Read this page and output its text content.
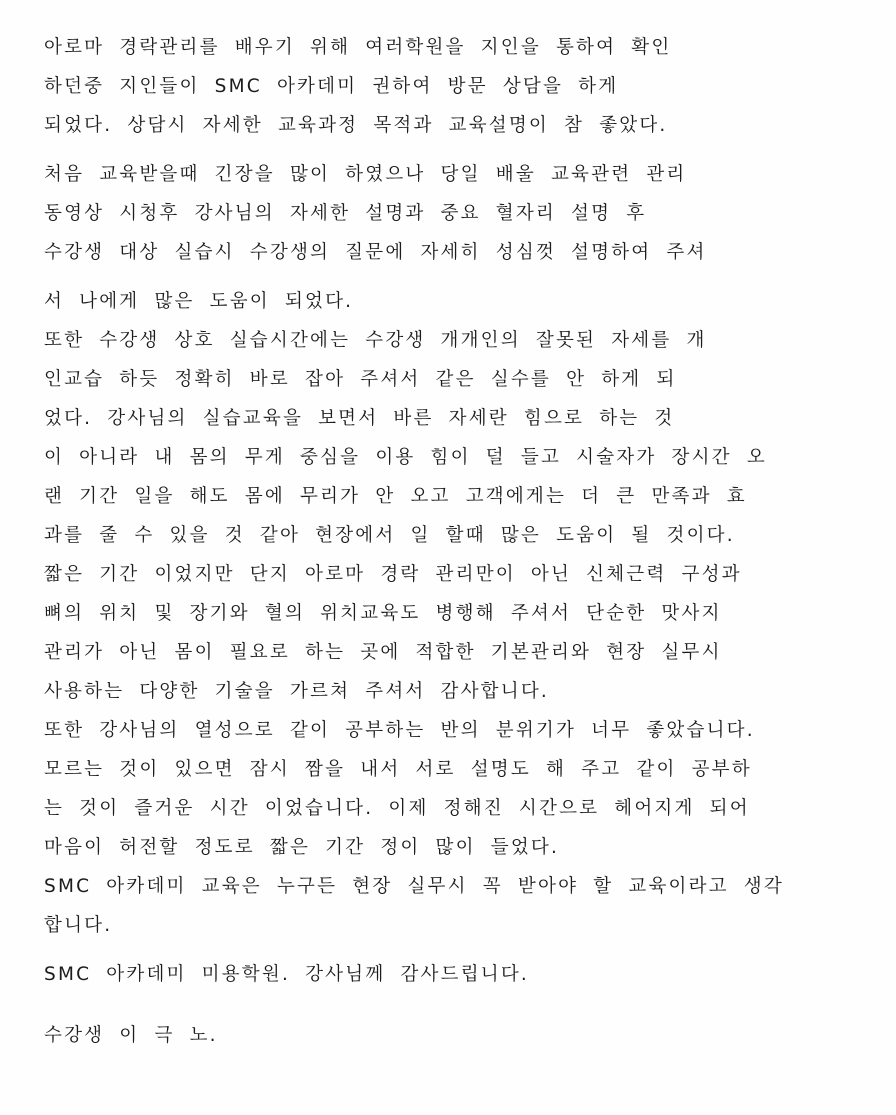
아로마 경락관리를 배우기 위해 여러학원을 지인을 통하여 확인
하던중 지인들이 SMC 아카데미 권하여 방문 상담을 하게
되었다. 상담시 자세한 교육과정 목적과 교육설명이 참 좋았다.
처음 교육받을때 긴장을 많이 하였으나 당일 배울 교육관련 관리
동영상 시청후 강사님의 자세한 설명과 중요 혈자리 설명 후
수강생 대상 실습시 수강생의 질문에 자세히 성심껏 설명하여 주셔
서 나에게 많은 도움이 되었다.
또한 수강생 상호 실습시간에는 수강생 개개인의 잘못된 자세를 개
인교습 하듯 정확히 바로 잡아 주셔서 같은 실수를 안 하게 되
었다. 강사님의 실습교육을 보면서 바른 자세란 힘으로 하는 것
이 아니라 내 몸의 무게 중심을 이용 힘이 덜 들고 시술자가 장시간 오
랜 기간 일을 해도 몸에 무리가 안 오고 고객에게는 더 큰 만족과 효
과를 줄 수 있을 것 같아 현장에서 일 할때 많은 도움이 될 것이다.
짧은 기간 이었지만 단지 아로마 경락 관리만이 아닌 신체근력 구성과
뼈의 위치 및 장기와 혈의 위치교육도 병행해 주셔서 단순한 맛사지
관리가 아닌 몸이 필요로 하는 곳에 적합한 기본관리와 현장 실무시
사용하는 다양한 기술을 가르쳐 주셔서 감사합니다.
또한 강사님의 열성으로 같이 공부하는 반의 분위기가 너무 좋았습니다.
모르는 것이 있으면 잠시 짬을 내서 서로 설명도 해 주고 같이 공부하
는 것이 즐거운 시간 이었습니다. 이제 정해진 시간으로 헤어지게 되어
마음이 허전할 정도로 짧은 기간 정이 많이 들었다.
SMC 아카데미 교육은 누구든 현장 실무시 꼭 받아야 할 교육이라고 생각
합니다.
SMC 아카데미 미용학원. 강사님께 감사드립니다.
수강생 이 극 노.
